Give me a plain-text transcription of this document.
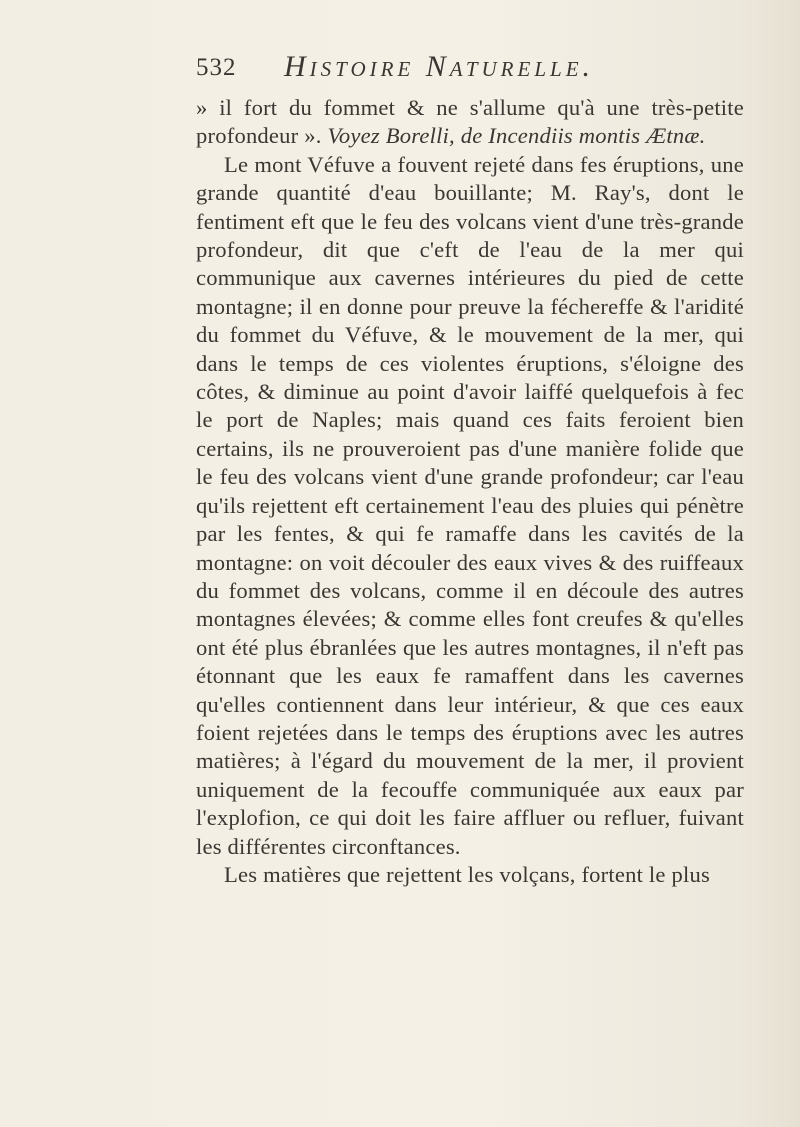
532 Histoire Naturelle.

» il fort du fommet & ne s'allume qu'à une très-petite profondeur ». Voyez Borelli, de Incendiis montis Ætnæ.

Le mont Véfuve a fouvent rejeté dans fes éruptions, une grande quantité d'eau bouillante; M. Ray's, dont le fentiment eft que le feu des volcans vient d'une très-grande profondeur, dit que c'eft de l'eau de la mer qui communique aux cavernes intérieures du pied de cette montagne; il en donne pour preuve la féchereffe & l'aridité du fommet du Véfuve, & le mouvement de la mer, qui dans le temps de ces violentes éruptions, s'éloigne des côtes, & diminue au point d'avoir laiffé quelquefois à fec le port de Naples; mais quand ces faits feroient bien certains, ils ne prouveroient pas d'une manière folide que le feu des volcans vient d'une grande profondeur; car l'eau qu'ils rejettent eft certainement l'eau des pluies qui pénètre par les fentes, & qui fe ramaffe dans les cavités de la montagne: on voit découler des eaux vives & des ruiffeaux du fommet des volcans, comme il en découle des autres montagnes élevées; & comme elles font creufes & qu'elles ont été plus ébranlées que les autres montagnes, il n'eft pas étonnant que les eaux fe ramaffent dans les cavernes qu'elles contiennent dans leur intérieur, & que ces eaux foient rejetées dans le temps des éruptions avec les autres matières; à l'égard du mouvement de la mer, il provient uniquement de la fecouffe communiquée aux eaux par l'explofion, ce qui doit les faire affluer ou refluer, fuivant les différentes circonftances.

Les matières que rejettent les volçans, fortent le plus
